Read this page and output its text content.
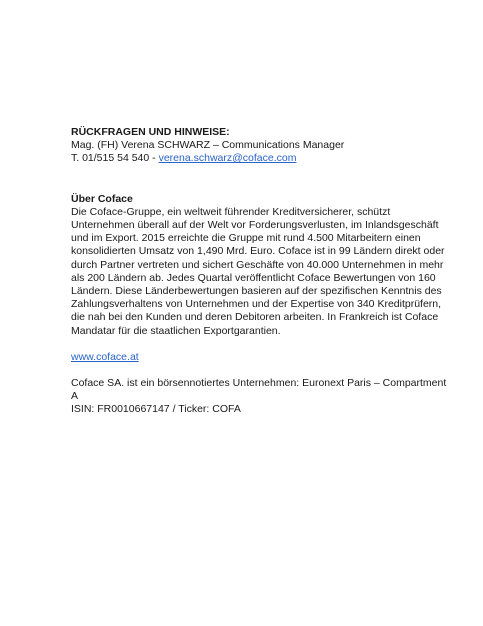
RÜCKFRAGEN UND HINWEISE:

Mag. (FH) Verena SCHWARZ – Communications Manager
T. 01/515 54 540 - verena.schwarz@coface.com

Über Coface

Die Coface-Gruppe, ein weltweit führender Kreditversicherer, schützt
Unternehmen überall auf der Welt vor Forderungsverlusten, im Inlandsgeschäft
und im Export. 2015 erreichte die Gruppe mit rund 4.500 Mitarbeitern einen
konsolidierten Umsatz von 1,490 Mrd. Euro. Coface ist in 99 Ländern direkt oder
durch Partner vertreten und sichert Geschäfte von 40.000 Unternehmen in mehr
als 200 Ländern ab. Jedes Quartal veröffentlicht Coface Bewertungen von 160
Ländern. Diese Länderbewertungen basieren auf der spezifischen Kenntnis des
Zahlungsverhaltens von Unternehmen und der Expertise von 340 Kreditprüfern,
die nah bei den Kunden und deren Debitoren arbeiten. In Frankreich ist Coface
Mandatar für die staatlichen Exportgarantien.

www.coface.at
Coface SA. ist ein börsennotiertes Unternehmen: Euronext Paris – Compartment
A
ISIN: FR0010667147 / Ticker: COFA
